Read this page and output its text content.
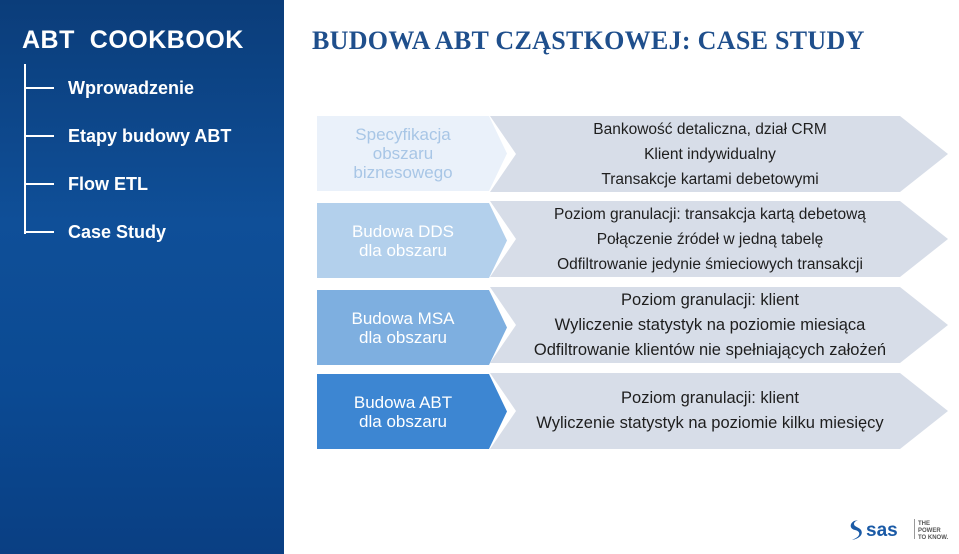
ABT  COOKBOOK
Wprowadzenie
Etapy budowy ABT
Flow ETL
Case Study
BUDOWA ABT CZĄSTKOWEJ: CASE STUDY
Specyfikacja
obszaru
biznesowego
Budowa DDS
dla obszaru
Budowa MSA
dla obszaru
Budowa ABT
dla obszaru
Bankowość detaliczna, dział CRM
Klient indywidualny
Transakcje kartami debetowymi
Poziom granulacji: transakcja kartą debetową
Połączenie źródeł w jedną tabelę
Odfiltrowanie jedynie śmieciowych transakcji
Poziom granulacji: klient
Wyliczenie statystyk na poziomie miesiąca
Odfiltrowanie klientów nie spełniających założeń
Poziom granulacji: klient
Wyliczenie statystyk na poziomie kilku miesięcy
sas	THE
POWER
TO KNOW.
